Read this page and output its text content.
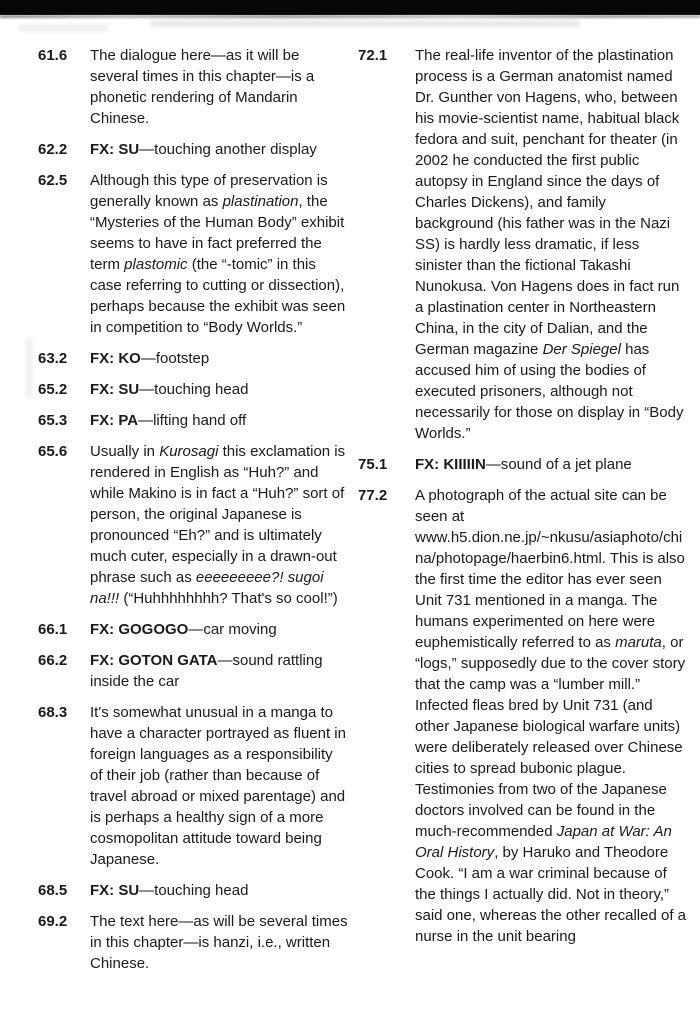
61.6	The dialogue here—as it will be several times in this chapter—is a phonetic rendering of Mandarin Chinese.
62.2	FX: SU—touching another display
62.5	Although this type of preservation is generally known as plastination, the “Mysteries of the Human Body” exhibit seems to have in fact preferred the term plastomic (the “-tomic” in this case referring to cutting or dissection), perhaps because the exhibit was seen in competition to “Body Worlds.”
63.2	FX: KO—footstep
65.2	FX: SU—touching head
65.3	FX: PA—lifting hand off
65.6	Usually in Kurosagi this exclamation is rendered in English as “Huh?” and while Makino is in fact a “Huh?” sort of person, the original Japanese is pronounced “Eh?” and is ultimately much cuter, especially in a drawn-out phrase such as eeeeeeeee?! sugoi na!!! (“Huhhhhhhhh? That's so cool!”)
66.1	FX: GOGOGO—car moving
66.2	FX: GOTON GATA—sound rattling inside the car
68.3	It's somewhat unusual in a manga to have a character portrayed as fluent in foreign languages as a responsibility of their job (rather than because of travel abroad or mixed parentage) and is perhaps a healthy sign of a more cosmopolitan attitude toward being Japanese.
68.5	FX: SU—touching head
69.2	The text here—as will be several times in this chapter—is hanzi, i.e., written Chinese.
72.1	The real-life inventor of the plastination process is a German anatomist named Dr. Gunther von Hagens, who, between his movie-scientist name, habitual black fedora and suit, penchant for theater (in 2002 he conducted the first public autopsy in England since the days of Charles Dickens), and family background (his father was in the Nazi SS) is hardly less dramatic, if less sinister than the fictional Takashi Nunokusa. Von Hagens does in fact run a plastination center in Northeastern China, in the city of Dalian, and the German magazine Der Spiegel has accused him of using the bodies of executed prisoners, although not necessarily for those on display in “Body Worlds.”
75.1	FX: KIIIIIN—sound of a jet plane
77.2	A photograph of the actual site can be seen at www.h5.dion.ne.jp/~nkusu/asiaphoto/china/photopage/haerbin6.html. This is also the first time the editor has ever seen Unit 731 mentioned in a manga. The humans experimented on here were euphemistically referred to as maruta, or “logs,” supposedly due to the cover story that the camp was a “lumber mill.” Infected fleas bred by Unit 731 (and other Japanese biological warfare units) were deliberately released over Chinese cities to spread bubonic plague. Testimonies from two of the Japanese doctors involved can be found in the much-recommended Japan at War: An Oral History, by Haruko and Theodore Cook. “I am a war criminal because of the things I actually did. Not in theory,” said one, whereas the other recalled of a nurse in the unit bearing
